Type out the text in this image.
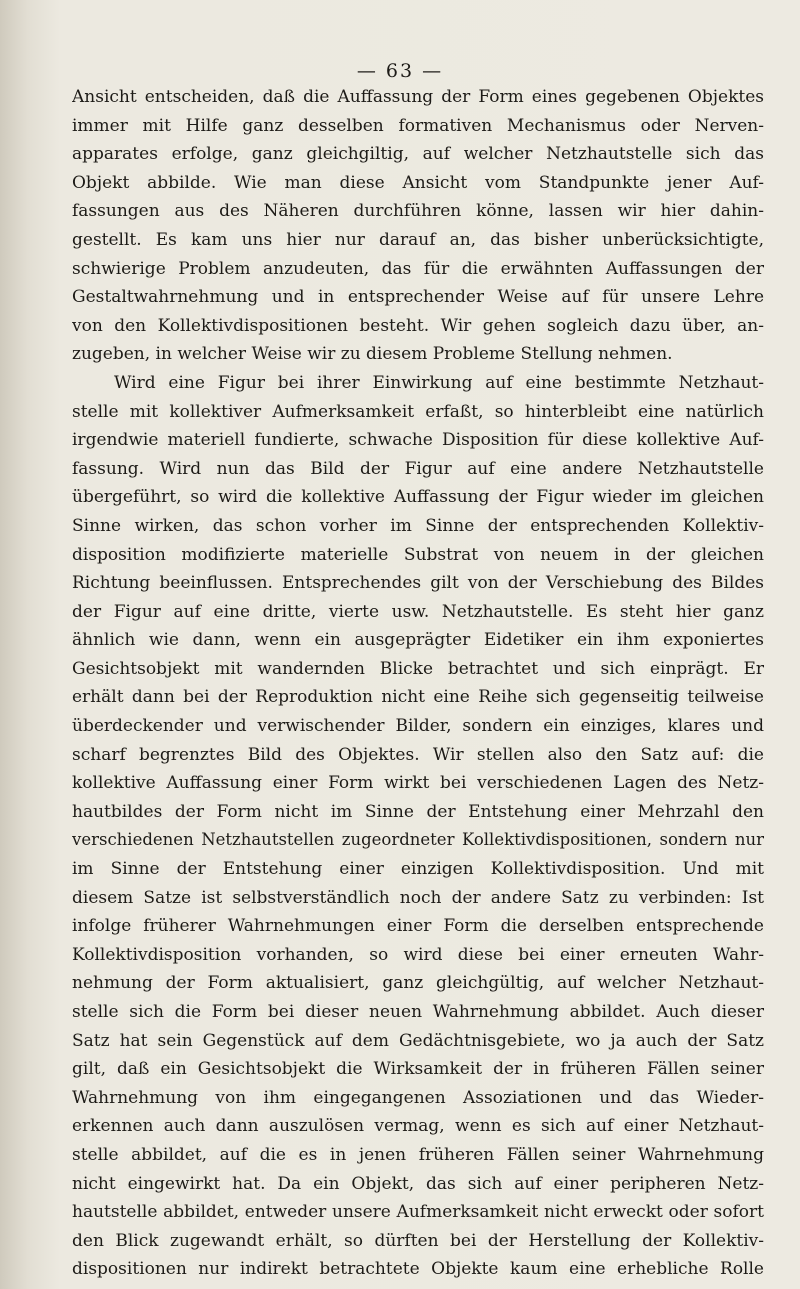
— 63 —
Ansicht entscheiden, daß die Auffassung der Form eines gegebenen Objektes
immer mit Hilfe ganz desselben formativen Mechanismus oder Nerven-
apparates erfolge, ganz gleichgiltig, auf welcher Netzhautstelle sich das
Objekt abbilde. Wie man diese Ansicht vom Standpunkte jener Auf-
fassungen aus des Näheren durchführen könne, lassen wir hier dahin-
gestellt. Es kam uns hier nur darauf an, das bisher unberücksichtigte,
schwierige Problem anzudeuten, das für die erwähnten Auffassungen der
Gestaltwahrnehmung und in entsprechender Weise auf für unsere Lehre
von den Kollektivdispositionen besteht. Wir gehen sogleich dazu über, an-
zugeben, in welcher Weise wir zu diesem Probleme Stellung nehmen.
Wird eine Figur bei ihrer Einwirkung auf eine bestimmte Netzhaut-
stelle mit kollektiver Aufmerksamkeit erfaßt, so hinterbleibt eine natürlich
irgendwie materiell fundierte, schwache Disposition für diese kollektive Auf-
fassung. Wird nun das Bild der Figur auf eine andere Netzhautstelle
übergeführt, so wird die kollektive Auffassung der Figur wieder im gleichen
Sinne wirken, das schon vorher im Sinne der entsprechenden Kollektiv-
disposition modifizierte materielle Substrat von neuem in der gleichen
Richtung beeinflussen. Entsprechendes gilt von der Verschiebung des Bildes
der Figur auf eine dritte, vierte usw. Netzhautstelle. Es steht hier ganz
ähnlich wie dann, wenn ein ausgeprägter Eidetiker ein ihm exponiertes
Gesichtsobjekt mit wandernden Blicke betrachtet und sich einprägt. Er
erhält dann bei der Reproduktion nicht eine Reihe sich gegenseitig teilweise
überdeckender und verwischender Bilder, sondern ein einziges, klares und
scharf begrenztes Bild des Objektes. Wir stellen also den Satz auf: die
kollektive Auffassung einer Form wirkt bei verschiedenen Lagen des Netz-
hautbildes der Form nicht im Sinne der Entstehung einer Mehrzahl den
verschiedenen Netzhautstellen zugeordneter Kollektivdispositionen, sondern nur
im Sinne der Entstehung einer einzigen Kollektivdisposition. Und mit
diesem Satze ist selbstverständlich noch der andere Satz zu verbinden: Ist
infolge früherer Wahrnehmungen einer Form die derselben entsprechende
Kollektivdisposition vorhanden, so wird diese bei einer erneuten Wahr-
nehmung der Form aktualisiert, ganz gleichgültig, auf welcher Netzhaut-
stelle sich die Form bei dieser neuen Wahrnehmung abbildet. Auch dieser
Satz hat sein Gegenstück auf dem Gedächtnisgebiete, wo ja auch der Satz
gilt, daß ein Gesichtsobjekt die Wirksamkeit der in früheren Fällen seiner
Wahrnehmung von ihm eingegangenen Assoziationen und das Wieder-
erkennen auch dann auszulösen vermag, wenn es sich auf einer Netzhaut-
stelle abbildet, auf die es in jenen früheren Fällen seiner Wahrnehmung
nicht eingewirkt hat. Da ein Objekt, das sich auf einer peripheren Netz-
hautstelle abbildet, entweder unsere Aufmerksamkeit nicht erweckt oder sofort
den Blick zugewandt erhält, so dürften bei der Herstellung der Kollektiv-
dispositionen nur indirekt betrachtete Objekte kaum eine erhebliche Rolle
